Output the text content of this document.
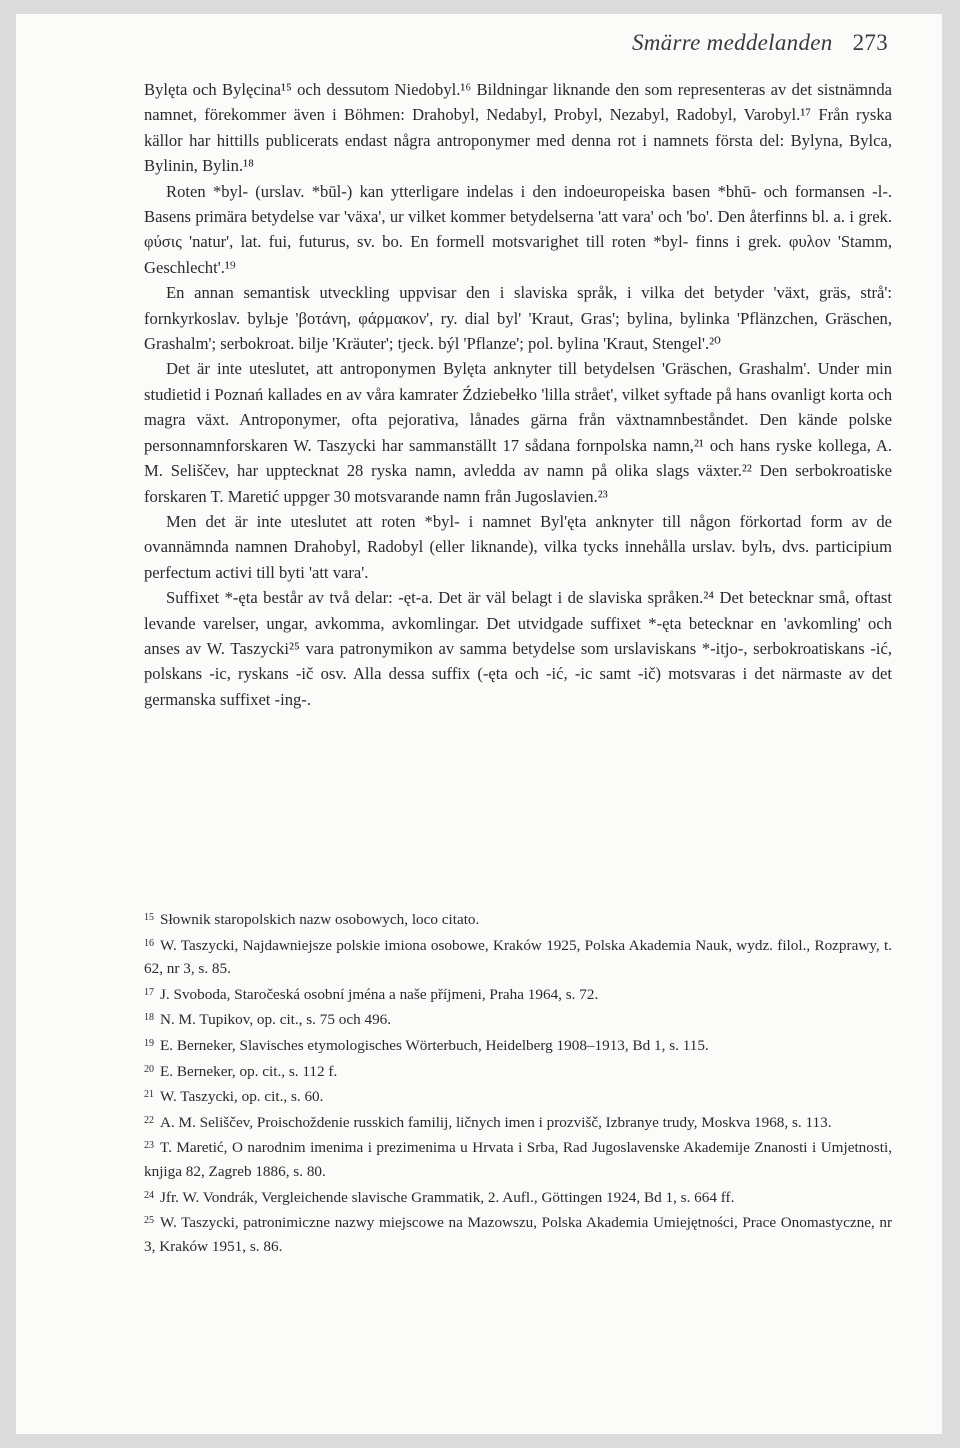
Smärre meddelanden 273

Bylęta och Bylęcina¹⁵ och dessutom Niedobyl.¹⁶ Bildningar liknande den som representeras av det sistnämnda namnet, förekommer även i Böhmen: Drahobyl, Nedabyl, Probyl, Nezabyl, Radobyl, Varobyl.¹⁷ Från ryska källor har hittills publicerats endast några antroponymer med denna rot i namnets första del: Bylyna, Bylca, Bylinin, Bylin.¹⁸

Roten *byl- (urslav. *būl-) kan ytterligare indelas i den indoeuropeiska basen *bhū- och formansen -l-. Basens primära betydelse var 'växa', ur vilket kommer betydelserna 'att vara' och 'bo'. Den återfinns bl. a. i grek. φύσις 'natur', lat. fui, futurus, sv. bo. En formell motsvarighet till roten *byl- finns i grek. φυλον 'Stamm, Geschlecht'.¹⁹

En annan semantisk utveckling uppvisar den i slaviska språk, i vilka det betyder 'växt, gräs, strå': fornkyrkoslav. bylьje 'βοτάνη, φάρμακον', ry. dial byl' 'Kraut, Gras'; bylina, bylinka 'Pflänzchen, Gräschen, Grashalm'; serbokroat. bilje 'Kräuter'; tjeck. býl 'Pflanze'; pol. bylina 'Kraut, Stengel'.²⁰

Det är inte uteslutet, att antroponymen Bylęta anknyter till betydelsen 'Gräschen, Grashalm'. Under min studietid i Poznań kallades en av våra kamrater Ździebełko 'lilla strået', vilket syftade på hans ovanligt korta och magra växt. Antroponymer, ofta pejorativa, lånades gärna från växtnamnbeståndet. Den kände polske personnamnforskaren W. Taszycki har sammanställt 17 sådana fornpolska namn,²¹ och hans ryske kollega, A. M. Seliščev, har upptecknat 28 ryska namn, avledda av namn på olika slags växter.²² Den serbokroatiske forskaren T. Maretić uppger 30 motsvarande namn från Jugoslavien.²³

Men det är inte uteslutet att roten *byl- i namnet Byl'ęta anknyter till någon förkortad form av de ovannämnda namnen Drahobyl, Radobyl (eller liknande), vilka tycks innehålla urslav. bylъ, dvs. participium perfectum activi till byti 'att vara'.

Suffixet *-ęta består av två delar: -ęt-a. Det är väl belagt i de slaviska språken.²⁴ Det betecknar små, oftast levande varelser, ungar, avkomma, avkomlingar. Det utvidgade suffixet *-ęta betecknar en 'avkomling' och anses av W. Taszycki²⁵ vara patronymikon av samma betydelse som urslaviskans *-itjo-, serbokroatiskans -ić, polskans -ic, ryskans -ič osv. Alla dessa suffix (-ęta och -ić, -ic samt -ič) motsvaras i det närmaste av det germanska suffixet -ing-.

$^{15}$ Słownik staropolskich nazw osobowych, loco citato.

$^{16}$ W. Taszycki, Najdawniejsze polskie imiona osobowe, Kraków 1925, Polska Akademia Nauk, wydz. filol., Rozprawy, t. 62, nr 3, s. 85.

$^{17}$ J. Svoboda, Staročeská osobní jména a naše příjmeni, Praha 1964, s. 72.

$^{18}$ N. M. Tupikov, op. cit., s. 75 och 496.

$^{19}$ E. Berneker, Slavisches etymologisches Wörterbuch, Heidelberg 1908–1913, Bd 1, s. 115.

$^{20}$ E. Berneker, op. cit., s. 112 f.

$^{21}$ W. Taszycki, op. cit., s. 60.

$^{22}$ A. M. Seliščev, Proischoždenie russkich familij, ličnych imen i prozvišč, Izbranye trudy, Moskva 1968, s. 113.

$^{23}$ T. Maretić, O narodnim imenima i prezimenima u Hrvata i Srba, Rad Jugoslavenske Akademije Znanosti i Umjetnosti, knjiga 82, Zagreb 1886, s. 80.

$^{24}$ Jfr. W. Vondrák, Vergleichende slavische Grammatik, 2. Aufl., Göttingen 1924, Bd 1, s. 664 ff.

$^{25}$ W. Taszycki, patronimiczne nazwy miejscowe na Mazowszu, Polska Akademia Umiejętności, Prace Onomastyczne, nr 3, Kraków 1951, s. 86.
